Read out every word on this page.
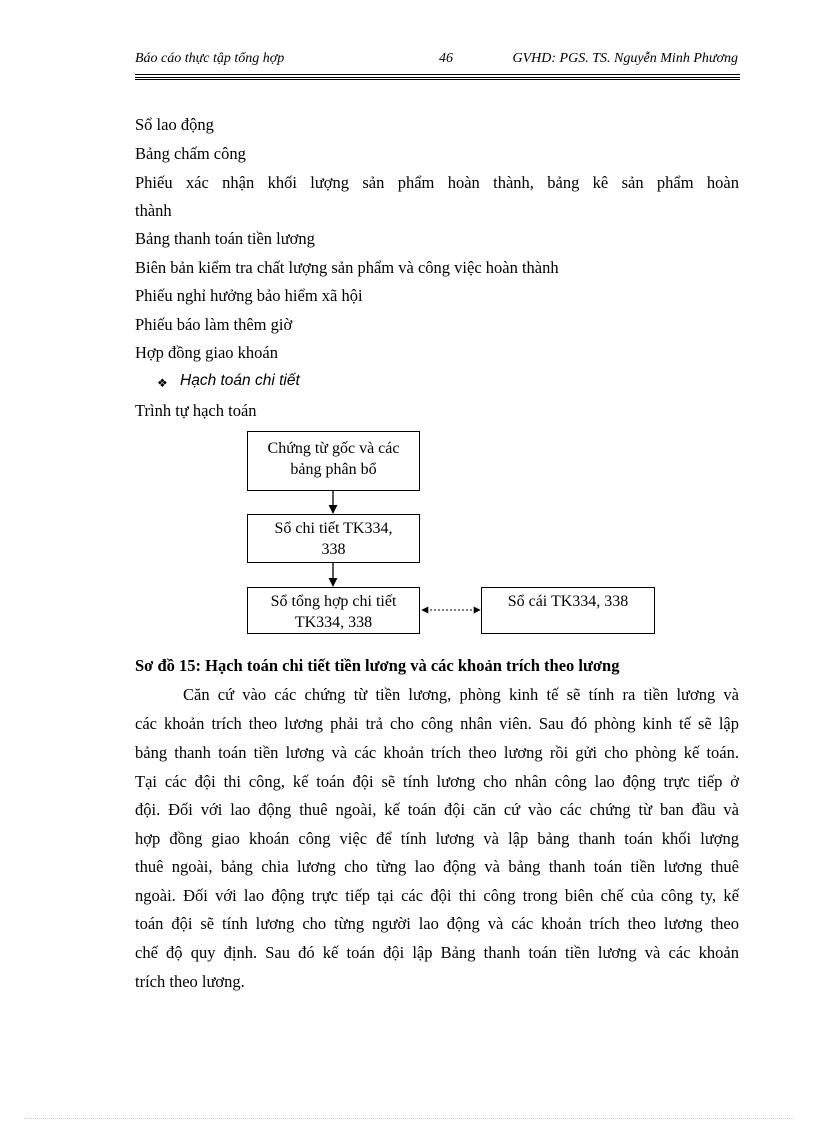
Báo cáo thực tập tổng hợp	46	GVHD: PGS. TS. Nguyễn Minh Phương
Sổ lao động
Bảng chấm công
Phiếu xác nhận khối lượng sản phẩm hoàn thành, bảng kê sản phẩm hoàn
thành
Bảng thanh toán tiền lương
Biên bản kiểm tra chất lượng sản phẩm và công việc hoàn thành
Phiếu nghỉ hưởng bảo hiểm xã hội
Phiếu báo làm thêm giờ
Hợp đồng giao khoán
❖ Hạch toán chi tiết
Trình tự hạch toán
Chứng từ gốc và các
bảng phân bổ
Sổ chi tiết TK334,
338
Sổ tổng hợp chi tiết
TK334, 338
Sổ cái TK334, 338
Sơ đồ 15: Hạch toán chi tiết tiền lương và các khoản trích theo lương
Căn cứ vào các chứng từ tiền lương, phòng kinh tế sẽ tính ra tiền lương và
các khoản trích theo lương phải trả cho công nhân viên. Sau đó phòng kinh tế sẽ lập
bảng thanh toán tiền lương và các khoản trích theo lương rồi gửi cho phòng kế toán.
Tại các đội thi công, kế toán đội sẽ tính lương cho nhân công lao động trực tiếp ở
đội. Đối với lao động thuê ngoài, kế toán đội căn cứ vào các chứng từ ban đầu và
hợp đồng giao khoán công việc để tính lương và lập bảng thanh toán khối lượng
thuê ngoài, bảng chia lương cho từng lao động và bảng thanh toán tiền lương thuê
ngoài. Đối với lao động trực tiếp tại các đội thi công trong biên chế của công ty, kế
toán đội sẽ tính lương cho từng người lao động và các khoản trích theo lương theo
chế độ quy định. Sau đó kế toán đội lập Bảng thanh toán tiền lương và các khoản
trích theo lương.
